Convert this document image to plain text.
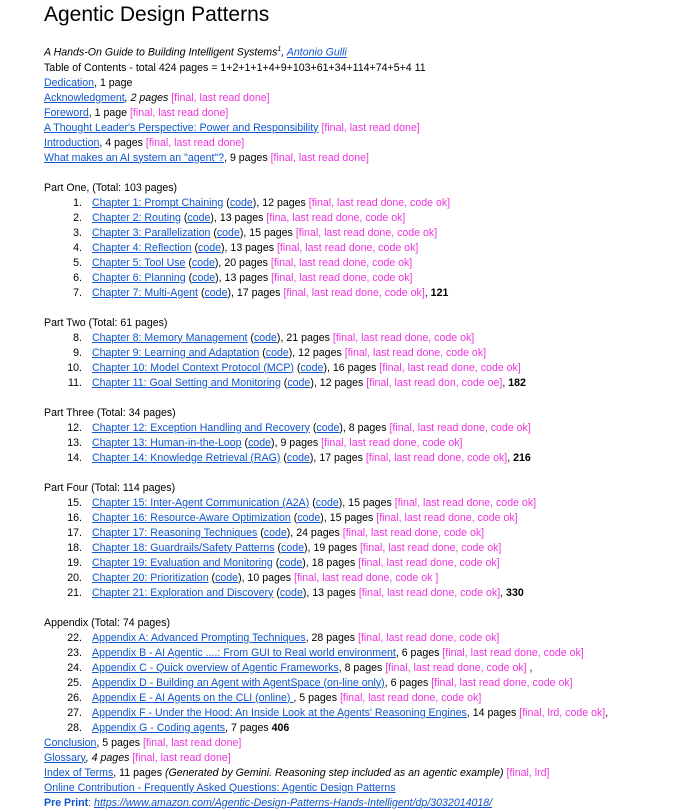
Agentic Design Patterns
A Hands-On Guide to Building Intelligent Systems$^1$, Antonio Gulli
Table of Contents - total 424 pages = 1+2+1+1+4+9+103+61+34+114+74+5+4 11
Dedication, 1 page
Acknowledgment, 2 pages [final, last read done]
Foreword, 1 page [final, last read done]
A Thought Leader's Perspective: Power and Responsibility [final, last read done]
Introduction, 4 pages [final, last read done]
What makes an AI system an "agent"?, 9 pages [final, last read done]
Part One, (Total: 103 pages)
1. Chapter 1: Prompt Chaining (code), 12 pages [final, last read done, code ok]
2. Chapter 2: Routing (code), 13 pages [fina, last read done, code ok]
3. Chapter 3: Parallelization (code), 15 pages [final, last read done, code ok]
4. Chapter 4: Reflection (code), 13 pages [final, last read done, code ok]
5. Chapter 5: Tool Use (code), 20 pages [final, last read done, code ok]
6. Chapter 6: Planning (code), 13 pages [final, last read done, code ok]
7. Chapter 7: Multi-Agent (code), 17 pages [final, last read done, code ok], 121
Part Two (Total: 61 pages)
8. Chapter 8: Memory Management (code), 21 pages [final, last read done, code ok]
9. Chapter 9: Learning and Adaptation (code), 12 pages [final, last read done, code ok]
10. Chapter 10: Model Context Protocol (MCP) (code), 16 pages [final, last read done, code ok]
11. Chapter 11: Goal Setting and Monitoring (code), 12 pages [final, last read don, code oe], 182
Part Three (Total: 34 pages)
12. Chapter 12: Exception Handling and Recovery (code), 8 pages [final, last read done, code ok]
13. Chapter 13: Human-in-the-Loop (code), 9 pages [final, last read done, code ok]
14. Chapter 14: Knowledge Retrieval (RAG) (code), 17 pages [final, last read done, code ok], 216
Part Four (Total: 114 pages)
15. Chapter 15: Inter-Agent Communication (A2A) (code), 15 pages [final, last read done, code ok]
16. Chapter 16: Resource-Aware Optimization (code), 15 pages [final, last read done, code ok]
17. Chapter 17: Reasoning Techniques (code), 24 pages [final, last read done, code ok]
18. Chapter 18: Guardrails/Safety Patterns (code), 19 pages [final, last read done, code ok]
19. Chapter 19: Evaluation and Monitoring (code), 18 pages [final, last read done, code ok]
20. Chapter 20: Prioritization (code), 10 pages [final, last read done, code ok ]
21. Chapter 21: Exploration and Discovery (code), 13 pages [final, last read done, code ok], 330
Appendix (Total: 74 pages)
22. Appendix A: Advanced Prompting Techniques, 28 pages [final, last read done, code ok]
23. Appendix B - AI Agentic ....: From GUI to Real world environment, 6 pages [final, last read done, code ok]
24. Appendix C - Quick overview of Agentic Frameworks, 8 pages [final, last read done, code ok] ,
25. Appendix D - Building an Agent with AgentSpace (on-line only), 6 pages [final, last read done, code ok]
26. Appendix E - AI Agents on the CLI (online) , 5 pages [final, last read done, code ok]
27. Appendix F - Under the Hood: An Inside Look at the Agents' Reasoning Engines, 14 pages [final, lrd, code ok],
28. Appendix G - Coding agents, 7 pages 406
Conclusion, 5 pages [final, last read done]
Glossary, 4 pages [final, last read done]
Index of Terms, 11 pages (Generated by Gemini. Reasoning step included as an agentic example) [final, lrd]
Online Contribution - Frequently Asked Questions: Agentic Design Patterns
Pre Print: https://www.amazon.com/Agentic-Design-Patterns-Hands-Intelligent/dp/3032014018/
